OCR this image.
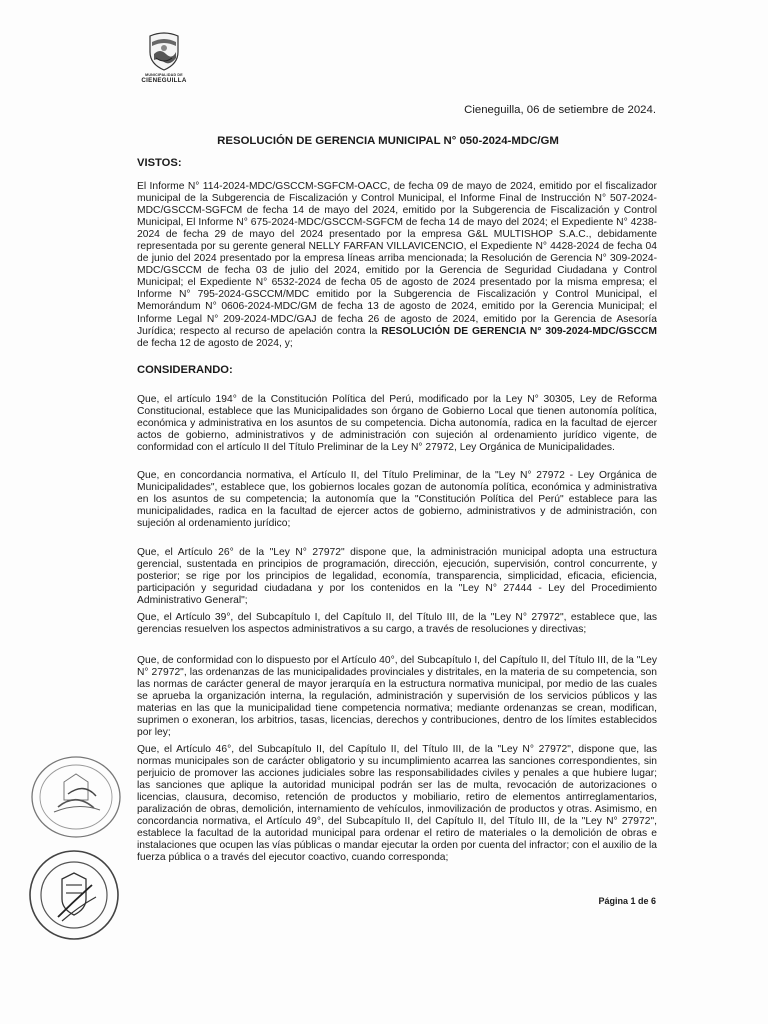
MUNICIPALIDAD DE
CIENEGUILLA
Cieneguilla, 06 de setiembre de 2024.
RESOLUCIÓN DE GERENCIA MUNICIPAL N° 050-2024-MDC/GM
VISTOS:
El Informe N° 114-2024-MDC/GSCCM-SGFCM-OACC, de fecha 09 de mayo de 2024, emitido por el fiscalizador municipal de la Subgerencia de Fiscalización y Control Municipal, el Informe Final de Instrucción N° 507-2024-MDC/GSCCM-SGFCM de fecha 14 de mayo del 2024, emitido por la Subgerencia de Fiscalización y Control Municipal, El Informe N° 675-2024-MDC/GSCCM-SGFCM de fecha 14 de mayo del 2024; el Expediente N° 4238-2024 de fecha 29 de mayo del 2024 presentado por la empresa G&L MULTISHOP S.A.C., debidamente representada por su gerente general NELLY FARFAN VILLAVICENCIO, el Expediente N° 4428-2024 de fecha 04 de junio del 2024 presentado por la empresa líneas arriba mencionada; la Resolución de Gerencia N° 309-2024-MDC/GSCCM de fecha 03 de julio del 2024, emitido por la Gerencia de Seguridad Ciudadana y Control Municipal; el Expediente N° 6532-2024 de fecha 05 de agosto de 2024 presentado por la misma empresa; el Informe N° 795-2024-GSCCM/MDC emitido por la Subgerencia de Fiscalización y Control Municipal, el Memorándum N° 0606-2024-MDC/GM de fecha 13 de agosto de 2024, emitido por la Gerencia Municipal; el Informe Legal N° 209-2024-MDC/GAJ de fecha 26 de agosto de 2024, emitido por la Gerencia de Asesoría Jurídica; respecto al recurso de apelación contra la RESOLUCIÓN DE GERENCIA N° 309-2024-MDC/GSCCM de fecha 12 de agosto de 2024, y;
CONSIDERANDO:
Que, el artículo 194° de la Constitución Política del Perú, modificado por la Ley N° 30305, Ley de Reforma Constitucional, establece que las Municipalidades son órgano de Gobierno Local que tienen autonomía política, económica y administrativa en los asuntos de su competencia. Dicha autonomía, radica en la facultad de ejercer actos de gobierno, administrativos y de administración con sujeción al ordenamiento jurídico vigente, de conformidad con el artículo II del Título Preliminar de la Ley N° 27972, Ley Orgánica de Municipalidades.
Que, en concordancia normativa, el Artículo II, del Título Preliminar, de la "Ley N° 27972 - Ley Orgánica de Municipalidades", establece que, los gobiernos locales gozan de autonomía política, económica y administrativa en los asuntos de su competencia; la autonomía que la "Constitución Política del Perú" establece para las municipalidades, radica en la facultad de ejercer actos de gobierno, administrativos y de administración, con sujeción al ordenamiento jurídico;
Que, el Artículo 26° de la "Ley N° 27972" dispone que, la administración municipal adopta una estructura gerencial, sustentada en principios de programación, dirección, ejecución, supervisión, control concurrente, y posterior; se rige por los principios de legalidad, economía, transparencia, simplicidad, eficacia, eficiencia, participación y seguridad ciudadana y por los contenidos en la "Ley N° 27444 - Ley del Procedimiento Administrativo General";
Que, el Artículo 39°, del Subcapítulo I, del Capítulo II, del Título III, de la "Ley N° 27972", establece que, las gerencias resuelven los aspectos administrativos a su cargo, a través de resoluciones y directivas;
Que, de conformidad con lo dispuesto por el Artículo 40°, del Subcapítulo I, del Capítulo II, del Título III, de la "Ley N° 27972", las ordenanzas de las municipalidades provinciales y distritales, en la materia de su competencia, son las normas de carácter general de mayor jerarquía en la estructura normativa municipal, por medio de las cuales se aprueba la organización interna, la regulación, administración y supervisión de los servicios públicos y las materias en las que la municipalidad tiene competencia normativa; mediante ordenanzas se crean, modifican, suprimen o exoneran, los arbitrios, tasas, licencias, derechos y contribuciones, dentro de los límites establecidos por ley;
Que, el Artículo 46°, del Subcapítulo II, del Capítulo II, del Título III, de la "Ley N° 27972", dispone que, las normas municipales son de carácter obligatorio y su incumplimiento acarrea las sanciones correspondientes, sin perjuicio de promover las acciones judiciales sobre las responsabilidades civiles y penales a que hubiere lugar; las sanciones que aplique la autoridad municipal podrán ser las de multa, revocación de autorizaciones o licencias, clausura, decomiso, retención de productos y mobiliario, retiro de elementos antirreglamentarios, paralización de obras, demolición, internamiento de vehículos, inmovilización de productos y otras. Asimismo, en concordancia normativa, el Artículo 49°, del Subcapítulo II, del Capítulo II, del Título III, de la "Ley N° 27972", establece la facultad de la autoridad municipal para ordenar el retiro de materiales o la demolición de obras e instalaciones que ocupen las vías públicas o mandar ejecutar la orden por cuenta del infractor; con el auxilio de la fuerza pública o a través del ejecutor coactivo, cuando corresponda;
Página 1 de 6
